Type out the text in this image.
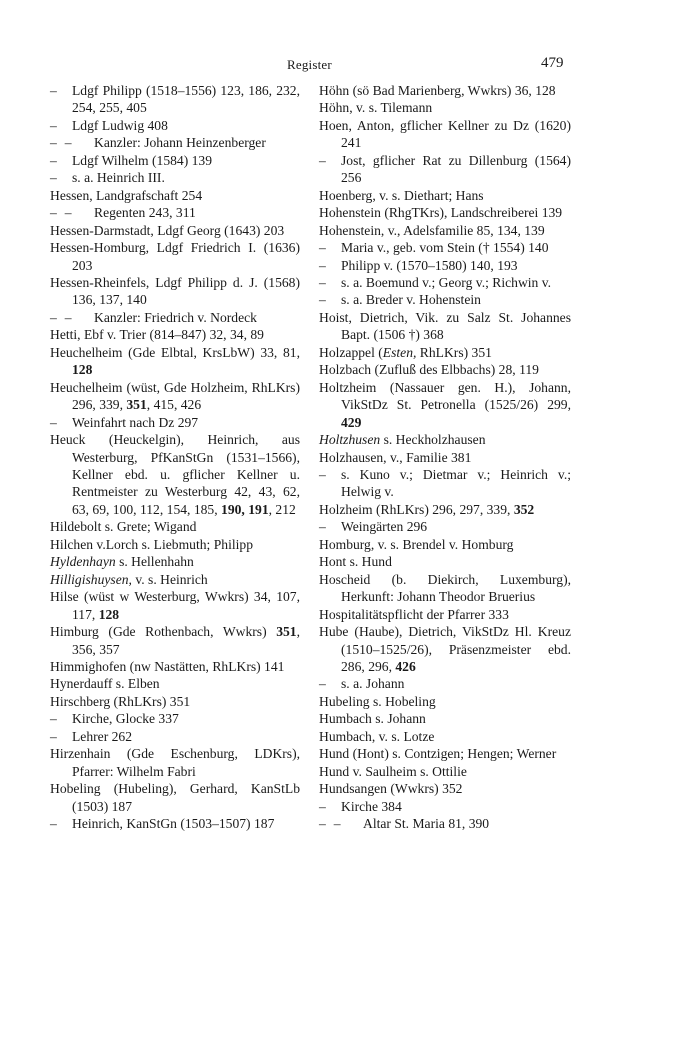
Register	479
– Ldgf Philipp (1518–1556) 123, 186, 232, 254, 255, 405
– Ldgf Ludwig 408
–– Kanzler: Johann Heinzenberger
– Ldgf Wilhelm (1584) 139
– s. a. Heinrich III.
Hessen, Landgrafschaft 254
–– Regenten 243, 311
Hessen-Darmstadt, Ldgf Georg (1643) 203
Hessen-Homburg, Ldgf Friedrich I. (1636) 203
Hessen-Rheinfels, Ldgf Philipp d. J. (1568) 136, 137, 140
–– Kanzler: Friedrich v. Nordeck
Hetti, Ebf v. Trier (814–847) 32, 34, 89
Heuchelheim (Gde Elbtal, KrsLbW) 33, 81, 128
Heuchelheim (wüst, Gde Holzheim, RhLKrs) 296, 339, 351, 415, 426
– Weinfahrt nach Dz 297
Heuck (Heuckelgin), Heinrich, aus Westerburg, PfKanStGn (1531–1566), Kellner ebd. u. gflicher Kellner u. Rentmeister zu Westerburg 42, 43, 62, 63, 69, 100, 112, 154, 185, 190, 191, 212
Hildebolt s. Grete; Wigand
Hilchen v.Lorch s. Liebmuth; Philipp
Hyldenhayn s. Hellenhahn
Hilligishuysen, v. s. Heinrich
Hilse (wüst w Westerburg, Wwkrs) 34, 107, 117, 128
Himburg (Gde Rothenbach, Wwkrs) 351, 356, 357
Himmighofen (nw Nastätten, RhLKrs) 141
Hynerdauff s. Elben
Hirschberg (RhLKrs) 351
– Kirche, Glocke 337
– Lehrer 262
Hirzenhain (Gde Eschenburg, LDKrs), Pfarrer: Wilhelm Fabri
Hobeling (Hubeling), Gerhard, KanStLb (1503) 187
– Heinrich, KanStGn (1503–1507) 187
Höhn (sö Bad Marienberg, Wwkrs) 36, 128
Höhn, v. s. Tilemann
Hoen, Anton, gflicher Kellner zu Dz (1620) 241
– Jost, gflicher Rat zu Dillenburg (1564) 256
Hoenberg, v. s. Diethart; Hans
Hohenstein (RhgTKrs), Landschreiberei 139
Hohenstein, v., Adelsfamilie 85, 134, 139
– Maria v., geb. vom Stein († 1554) 140
– Philipp v. (1570–1580) 140, 193
– s. a. Boemund v.; Georg v.; Richwin v.
– s. a. Breder v. Hohenstein
Hoist, Dietrich, Vik. zu Salz St. Johannes Bapt. (1506 †) 368
Holzappel (Esten, RhLKrs) 351
Holzbach (Zufluß des Elbbachs) 28, 119
Holtzheim (Nassauer gen. H.), Johann, VikStDz St. Petronella (1525/26) 299, 429
Holtzhusen s. Heckholzhausen
Holzhausen, v., Familie 381
– s. Kuno v.; Dietmar v.; Heinrich v.; Helwig v.
Holzheim (RhLKrs) 296, 297, 339, 352
– Weingärten 296
Homburg, v. s. Brendel v. Homburg
Hont s. Hund
Hoscheid (b. Diekirch, Luxemburg), Herkunft: Johann Theodor Bruerius
Hospitalitätspflicht der Pfarrer 333
Hube (Haube), Dietrich, VikStDz Hl. Kreuz (1510–1525/26), Präsenzmeister ebd. 286, 296, 426
– s. a. Johann
Hubeling s. Hobeling
Humbach s. Johann
Humbach, v. s. Lotze
Hund (Hont) s. Contzigen; Hengen; Werner
Hund v. Saulheim s. Ottilie
Hundsangen (Wwkrs) 352
– Kirche 384
–– Altar St. Maria 81, 390
